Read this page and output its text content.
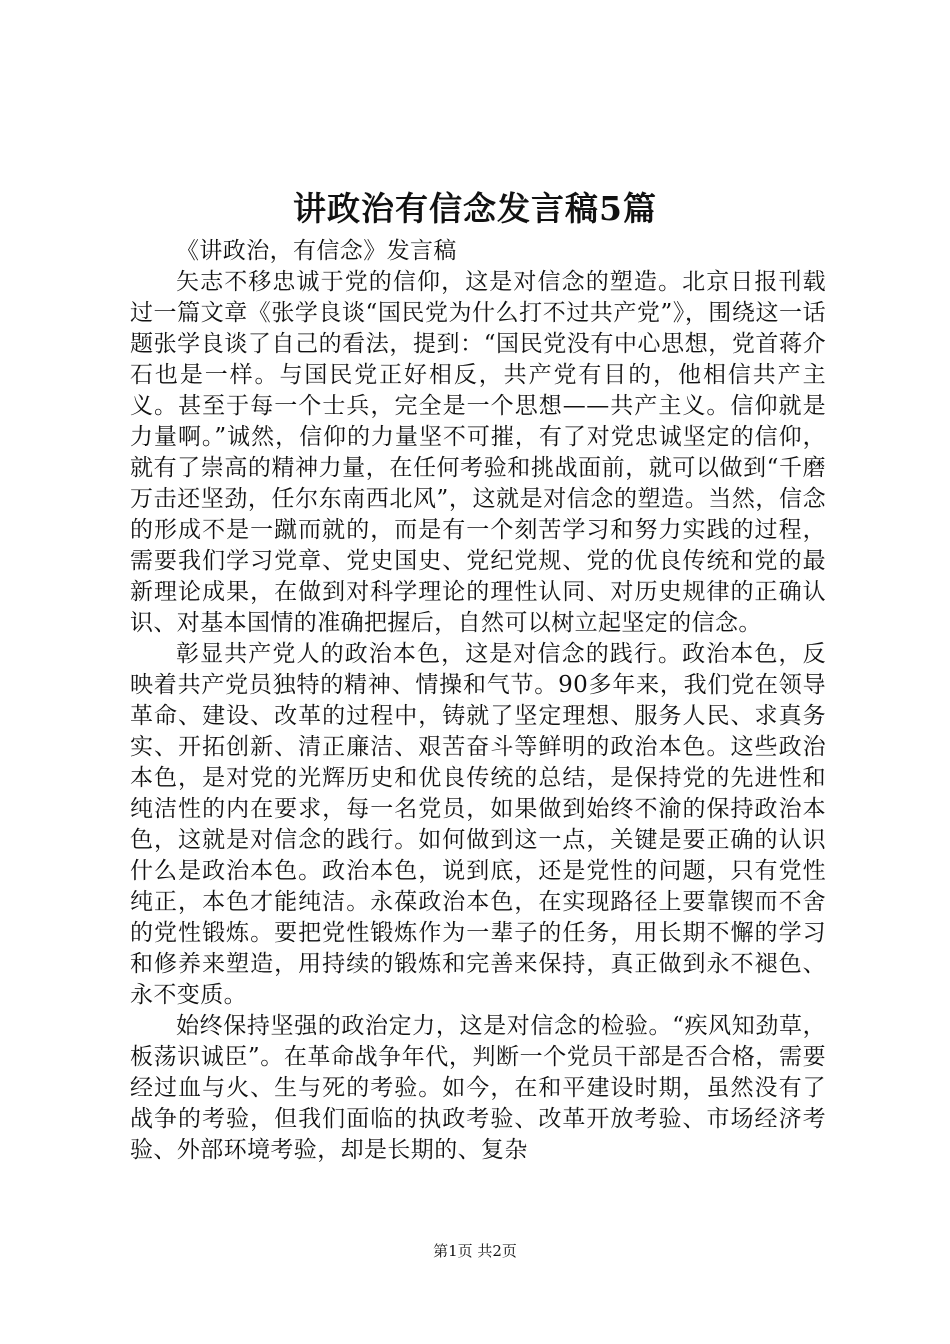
讲政治有信念发言稿5篇

《讲政治，有信念》发言稿

矢志不移忠诚于党的信仰，这是对信念的塑造。北京日报刊载过一篇文章《张学良谈“国民党为什么打不过共产党”》，围绕这一话题张学良谈了自己的看法，提到：“国民党没有中心思想，党首蒋介石也是一样。与国民党正好相反，共产党有目的，他相信共产主义。甚至于每一个士兵，完全是一个思想——共产主义。信仰就是力量啊。”诚然，信仰的力量坚不可摧，有了对党忠诚坚定的信仰，就有了崇高的精神力量，在任何考验和挑战面前，就可以做到“千磨万击还坚劲，任尔东南西北风”，这就是对信念的塑造。当然，信念的形成不是一蹴而就的，而是有一个刻苦学习和努力实践的过程，需要我们学习党章、党史国史、党纪党规、党的优良传统和党的最新理论成果，在做到对科学理论的理性认同、对历史规律的正确认识、对基本国情的准确把握后，自然可以树立起坚定的信念。

彰显共产党人的政治本色，这是对信念的践行。政治本色，反映着共产党员独特的精神、情操和气节。90多年来，我们党在领导革命、建设、改革的过程中，铸就了坚定理想、服务人民、求真务实、开拓创新、清正廉洁、艰苦奋斗等鲜明的政治本色。这些政治本色，是对党的光辉历史和优良传统的总结，是保持党的先进性和纯洁性的内在要求，每一名党员，如果做到始终不渝的保持政治本色，这就是对信念的践行。如何做到这一点，关键是要正确的认识什么是政治本色。政治本色，说到底，还是党性的问题，只有党性纯正，本色才能纯洁。永葆政治本色，在实现路径上要靠锲而不舍的党性锻炼。要把党性锻炼作为一辈子的任务，用长期不懈的学习和修养来塑造，用持续的锻炼和完善来保持，真正做到永不褪色、永不变质。

始终保持坚强的政治定力，这是对信念的检验。“疾风知劲草，板荡识诚臣”。在革命战争年代，判断一个党员干部是否合格，需要经过血与火、生与死的考验。如今，在和平建设时期，虽然没有了战争的考验，但我们面临的执政考验、改革开放考验、市场经济考验、外部环境考验，却是长期的、复杂

第1页 共2页
